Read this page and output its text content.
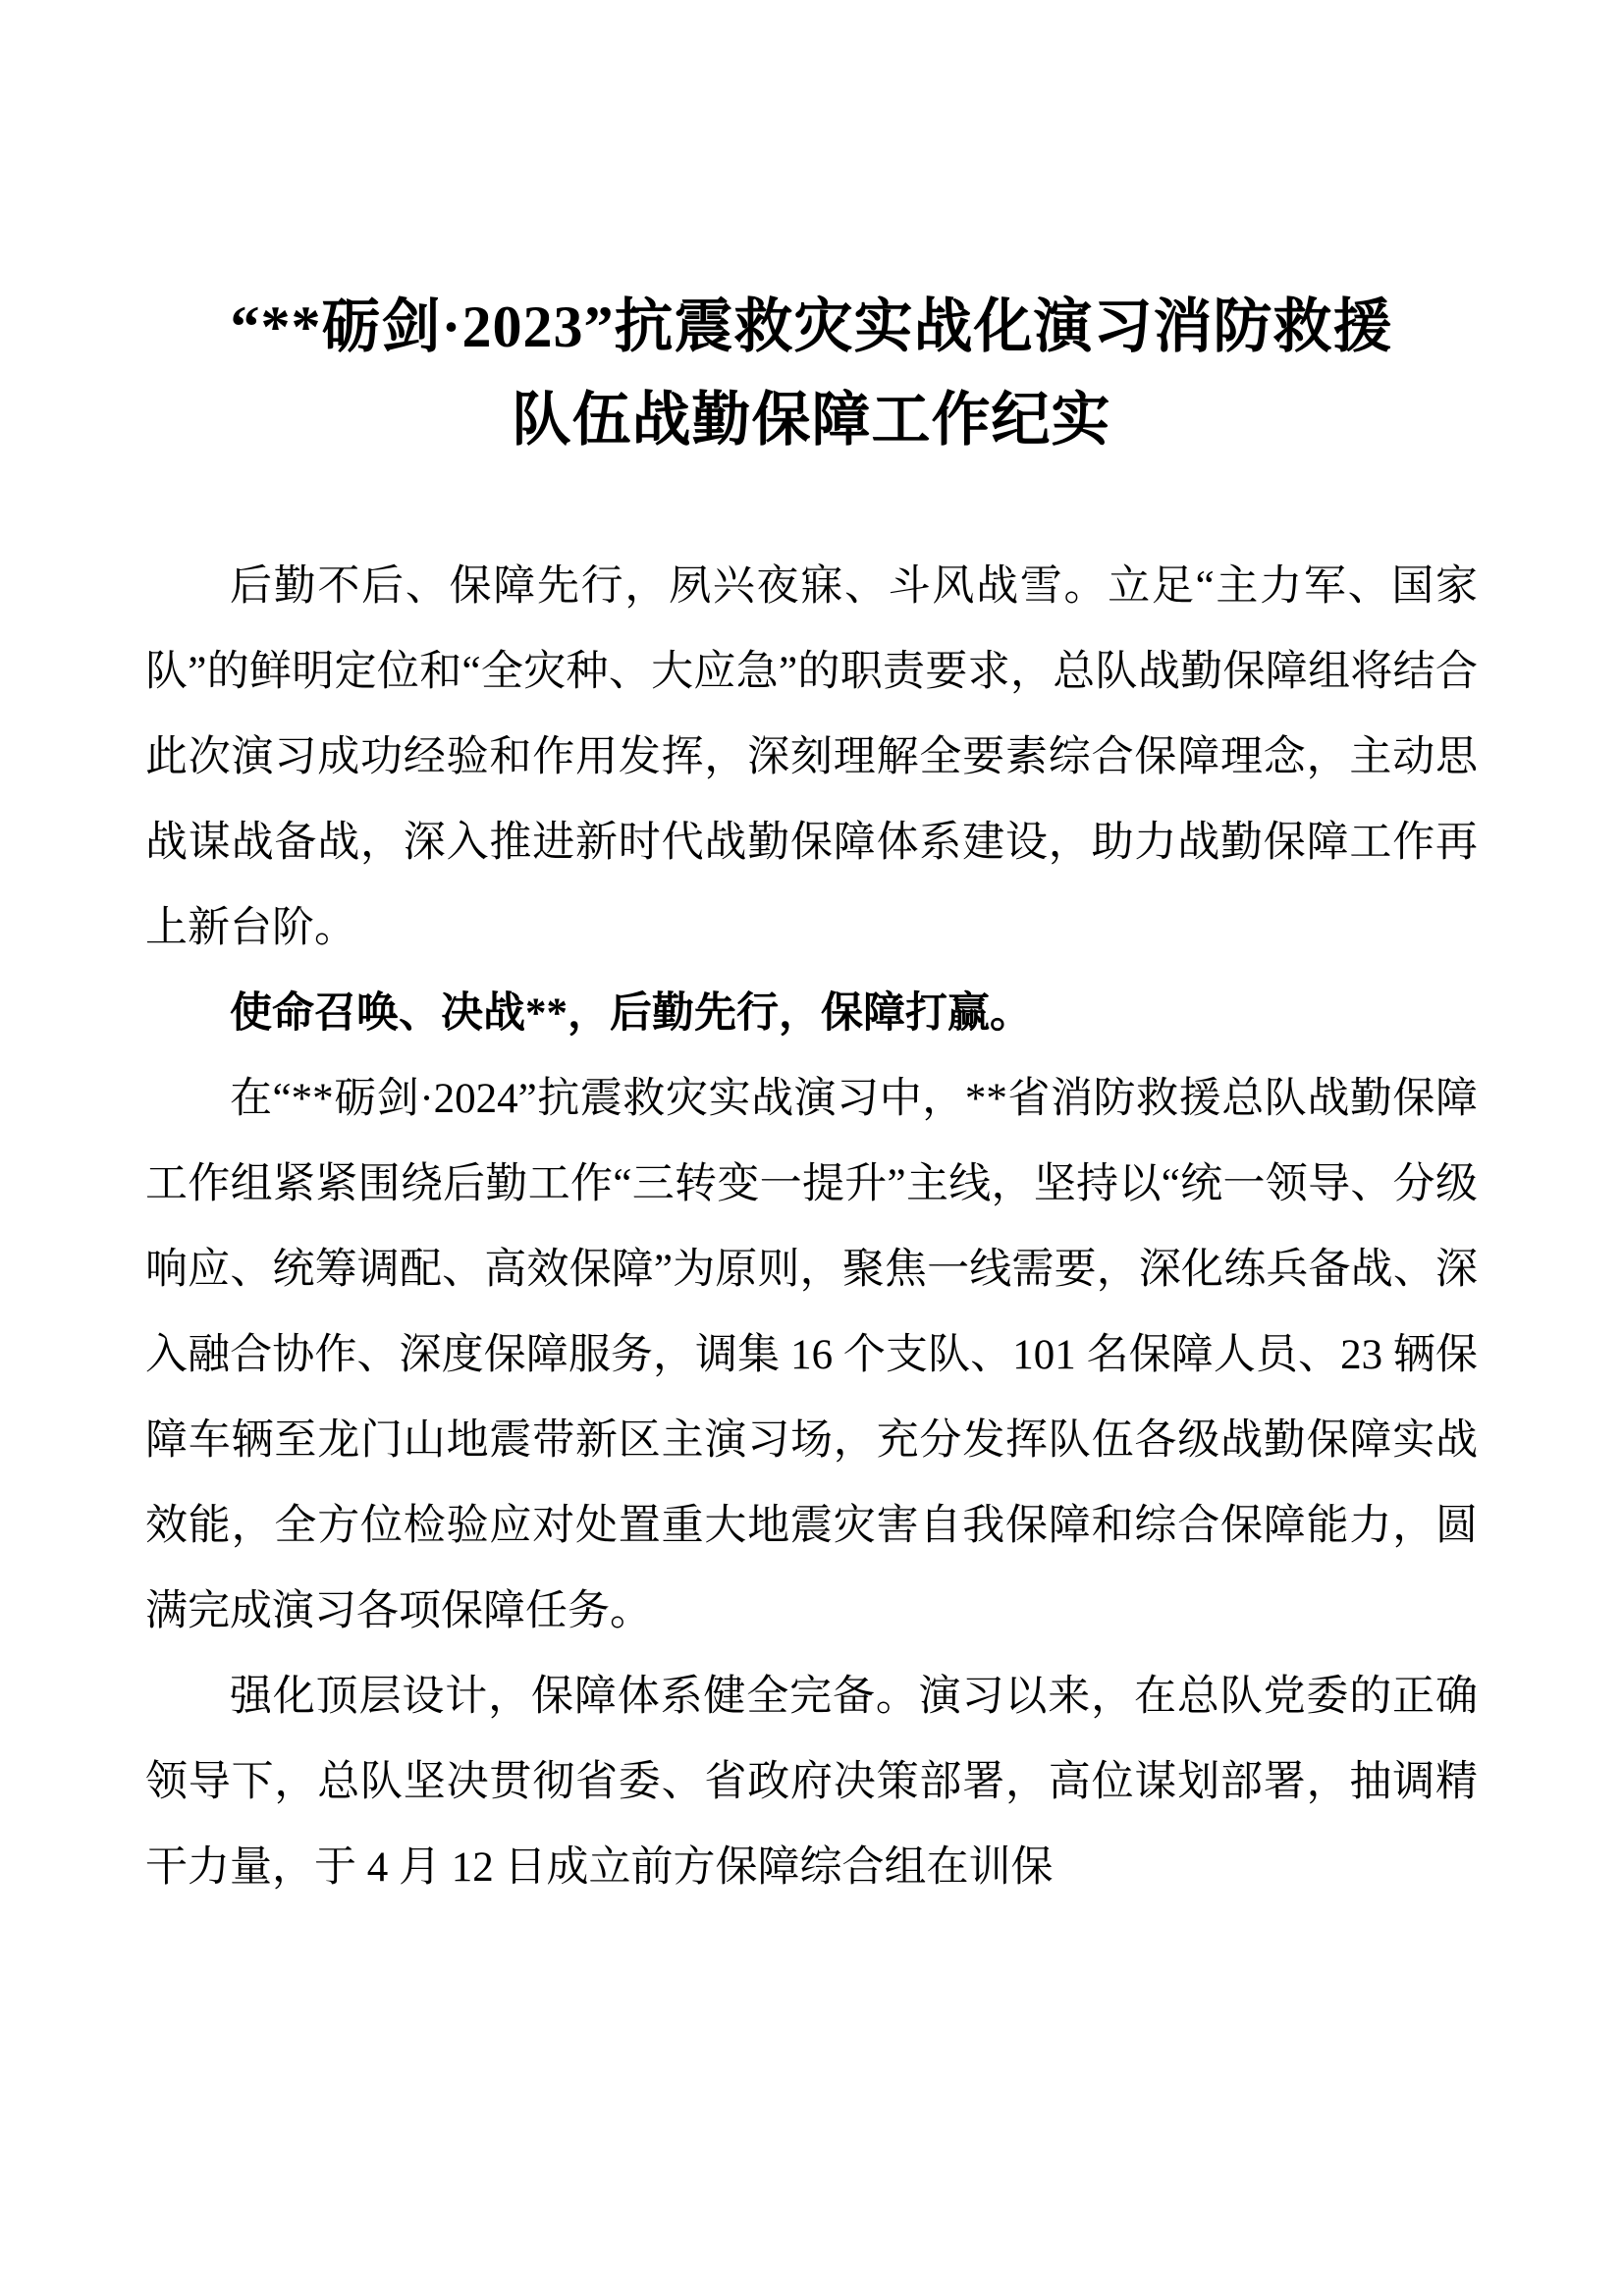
“**砺剑·2023”抗震救灾实战化演习消防救援
队伍战勤保障工作纪实

后勤不后、保障先行，夙兴夜寐、斗风战雪。立足“主力军、国家队”的鲜明定位和“全灾种、大应急”的职责要求，总队战勤保障组将结合此次演习成功经验和作用发挥，深刻理解全要素综合保障理念，主动思战谋战备战，深入推进新时代战勤保障体系建设，助力战勤保障工作再上新台阶。

使命召唤、决战**，后勤先行，保障打赢。

在“**砺剑·2024”抗震救灾实战演习中，**省消防救援总队战勤保障工作组紧紧围绕后勤工作“三转变一提升”主线，坚持以“统一领导、分级响应、统筹调配、高效保障”为原则，聚焦一线需要，深化练兵备战、深入融合协作、深度保障服务，调集 16 个支队、101 名保障人员、23 辆保障车辆至龙门山地震带新区主演习场，充分发挥队伍各级战勤保障实战效能，全方位检验应对处置重大地震灾害自我保障和综合保障能力，圆满完成演习各项保障任务。

强化顶层设计，保障体系健全完备。演习以来，在总队党委的正确领导下，总队坚决贯彻省委、省政府决策部署，高位谋划部署，抽调精干力量，于 4 月 12 日成立前方保障综合组在训保
